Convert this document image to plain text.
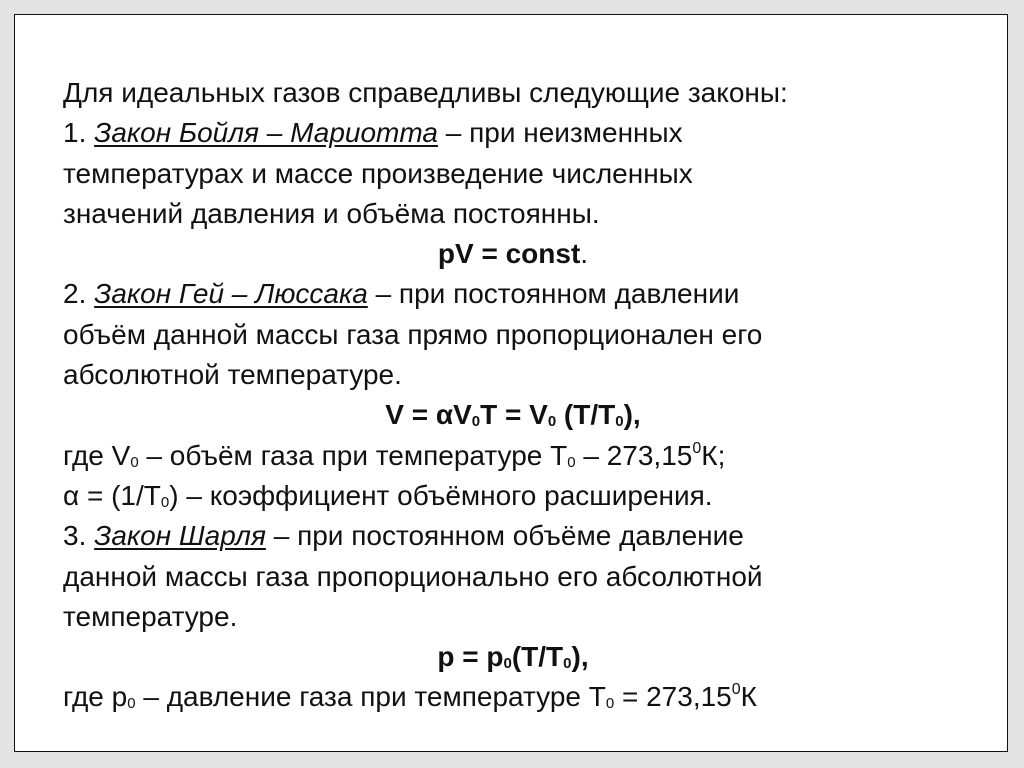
Для идеальных газов справедливы следующие законы:
1. Закон Бойля – Мариотта – при неизменных
температурах и массе произведение численных
значений давления и объёма постоянны.
pV = const.
2. Закон Гей – Люссака – при постоянном давлении
объём данной массы газа прямо пропорционален его
абсолютной температуре.
V = αV0T = V0 (T/T0),
где V0 – объём газа при температуре T0 – 273,15$^0$К;
α = (1/T0) – коэффициент объёмного расширения.
3. Закон Шарля – при постоянном объёме давление
данной массы газа пропорционально его абсолютной
температуре.
p = p0(T/T0),
где p0 – давление газа при температуре $T0 = 273,15^0К$
